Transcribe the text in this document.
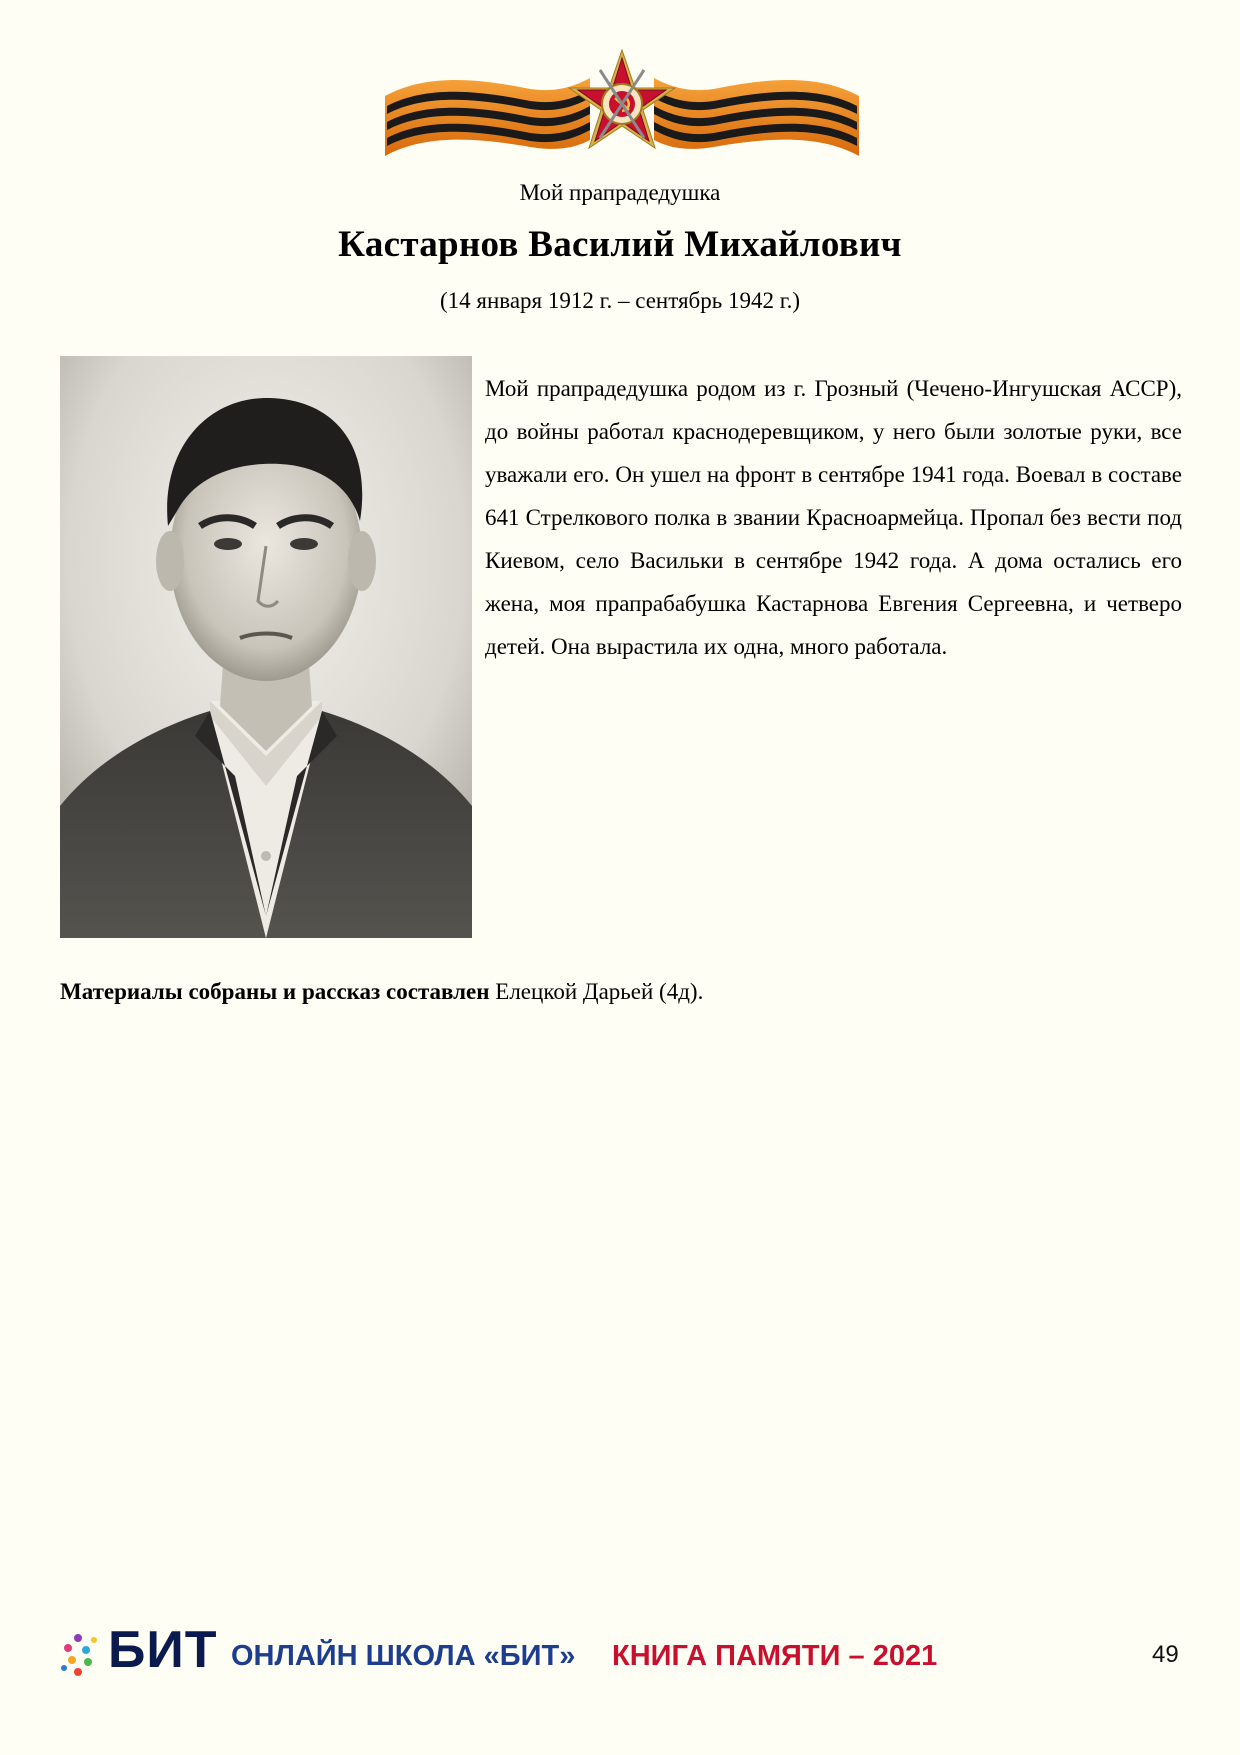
Мой прапрадедушка
Кастарнов Василий Михайлович
(14 января 1912 г. – сентябрь 1942 г.)

Мой прапрадедушка родом из г. Грозный (Чечено-Ингушская АССР), до войны работал краснодеревщиком, у него были золотые руки, все уважали его. Он ушел на фронт в сентябре 1941 года. Воевал в составе 641 Стрелкового полка в звании Красноармейца. Пропал без вести под Киевом, село Васильки в сентябре 1942 года. А дома остались его жена, моя прапрабабушка Кастарнова Евгения Сергеевна, и четверо детей. Она вырастила их одна, много работала.

Материалы собраны и рассказ составлен Елецкой Дарьей (4д).
БИТ ОНЛАЙН ШКОЛА «БИТ» КНИГА ПАМЯТИ – 2021	49
